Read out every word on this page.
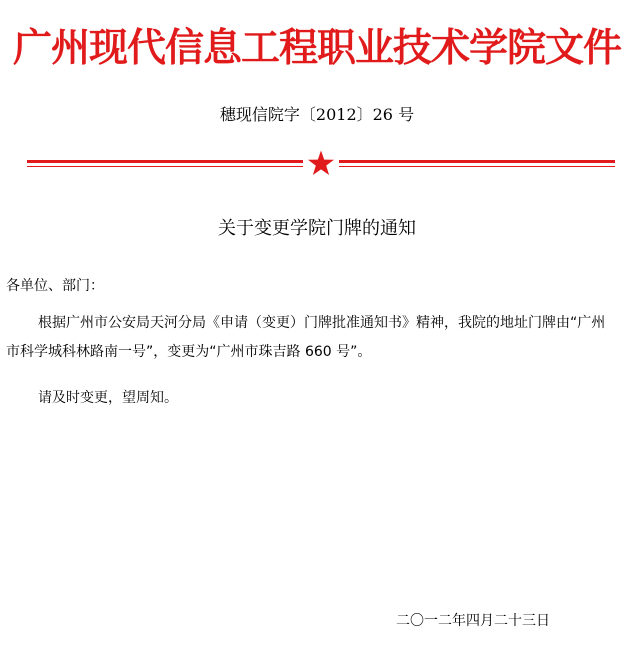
广州现代信息工程职业技术学院文件
穗现信院字〔2012〕26 号
关于变更学院门牌的通知
各单位、部门：
根据广州市公安局天河分局《申请（变更）门牌批准通知书》精神，我院的地址门牌由“广州市科学城科林路南一号”，变更为“广州市珠吉路 660 号”。
请及时变更，望周知。
二〇一二年四月二十三日
